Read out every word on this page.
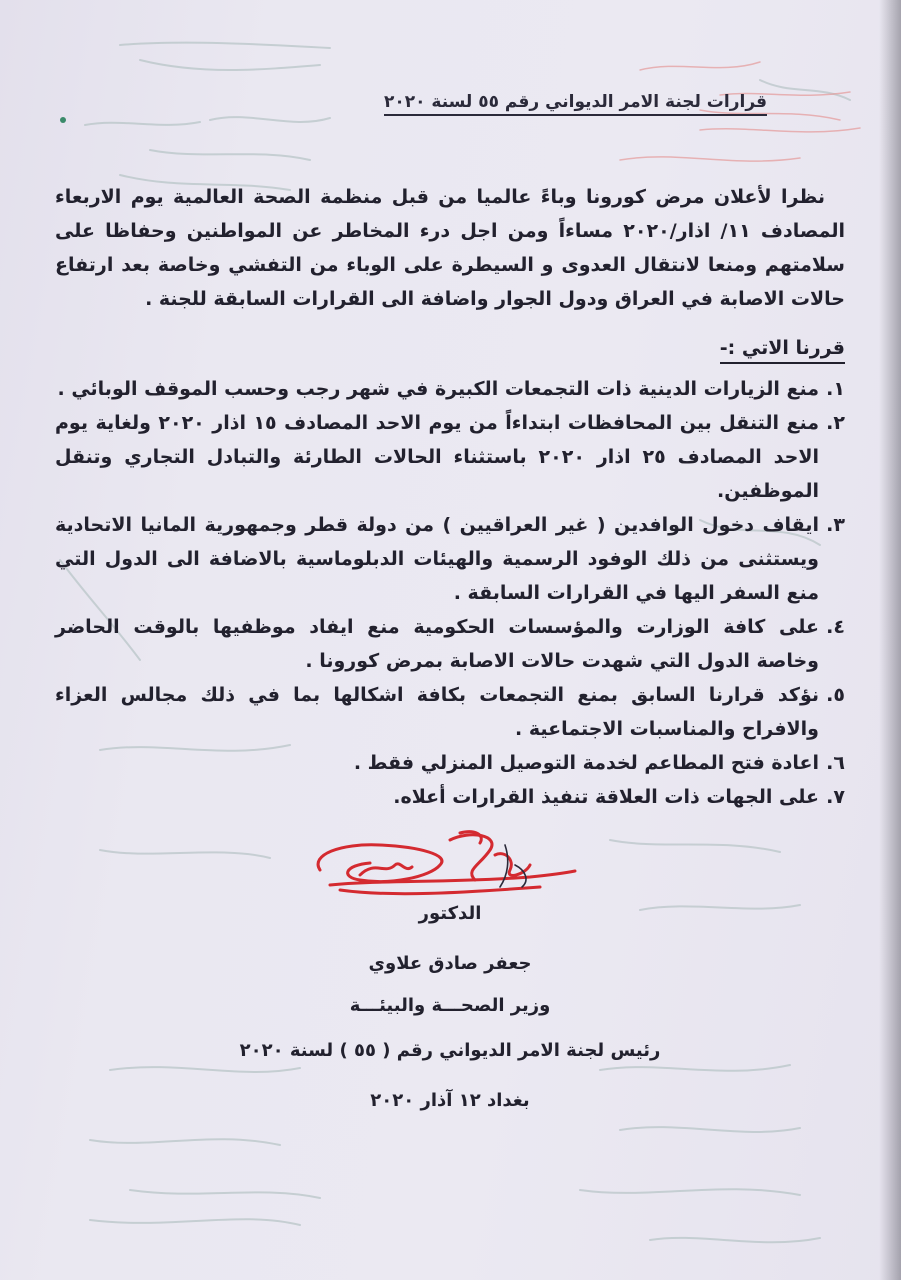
قرارات لجنة الامر الديواني رقم ٥٥ لسنة ٢٠٢٠

نظرا لأعلان مرض كورونا وباءً عالميا من قبل منظمة الصحة العالمية يوم الاربعاء المصادف ١١/ اذار/٢٠٢٠ مساءاً ومن اجل درء المخاطر عن المواطنين وحفاظا على سلامتهم ومنعا لانتقال العدوى و السيطرة على الوباء من التفشي وخاصة بعد ارتفاع حالات الاصابة في العراق ودول الجوار واضافة الى القرارات السابقة للجنة .

قررنا الاتي :-
١.
منع الزيارات الدينية ذات التجمعات الكبيرة في شهر رجب وحسب الموقف الوبائي .
٢.
منع التنقل بين المحافظات ابتداءاً من يوم الاحد المصادف ١٥ اذار ٢٠٢٠ ولغاية يوم الاحد المصادف ٢٥ اذار ٢٠٢٠ باستثناء الحالات الطارئة والتبادل التجاري وتنقل الموظفين.
٣.
ايقاف دخول الوافدين ( غير العراقيين ) من دولة قطر وجمهورية المانيا الاتحادية ويستثنى من ذلك الوفود الرسمية والهيئات الدبلوماسية بالاضافة الى الدول التي منع السفر اليها في القرارات السابقة .
٤.
على كافة الوزارت والمؤسسات الحكومية منع ايفاد موظفيها بالوقت الحاضر وخاصة الدول التي شهدت حالات الاصابة بمرض كورونا .
٥.
نؤكد قرارنا السابق بمنع التجمعات بكافة اشكالها بما في ذلك مجالس العزاء والافراح والمناسبات الاجتماعية .
٦.
اعادة فتح المطاعم لخدمة التوصيل المنزلي فقط .
٧.
على الجهات ذات العلاقة تنفيذ القرارات أعلاه.
الدكتور
جعفر صادق علاوي
وزير الصحـــة والبيئـــة
رئيس لجنة الامر الديواني رقم ( ٥٥ ) لسنة ٢٠٢٠
بغداد ١٢ آذار ٢٠٢٠
